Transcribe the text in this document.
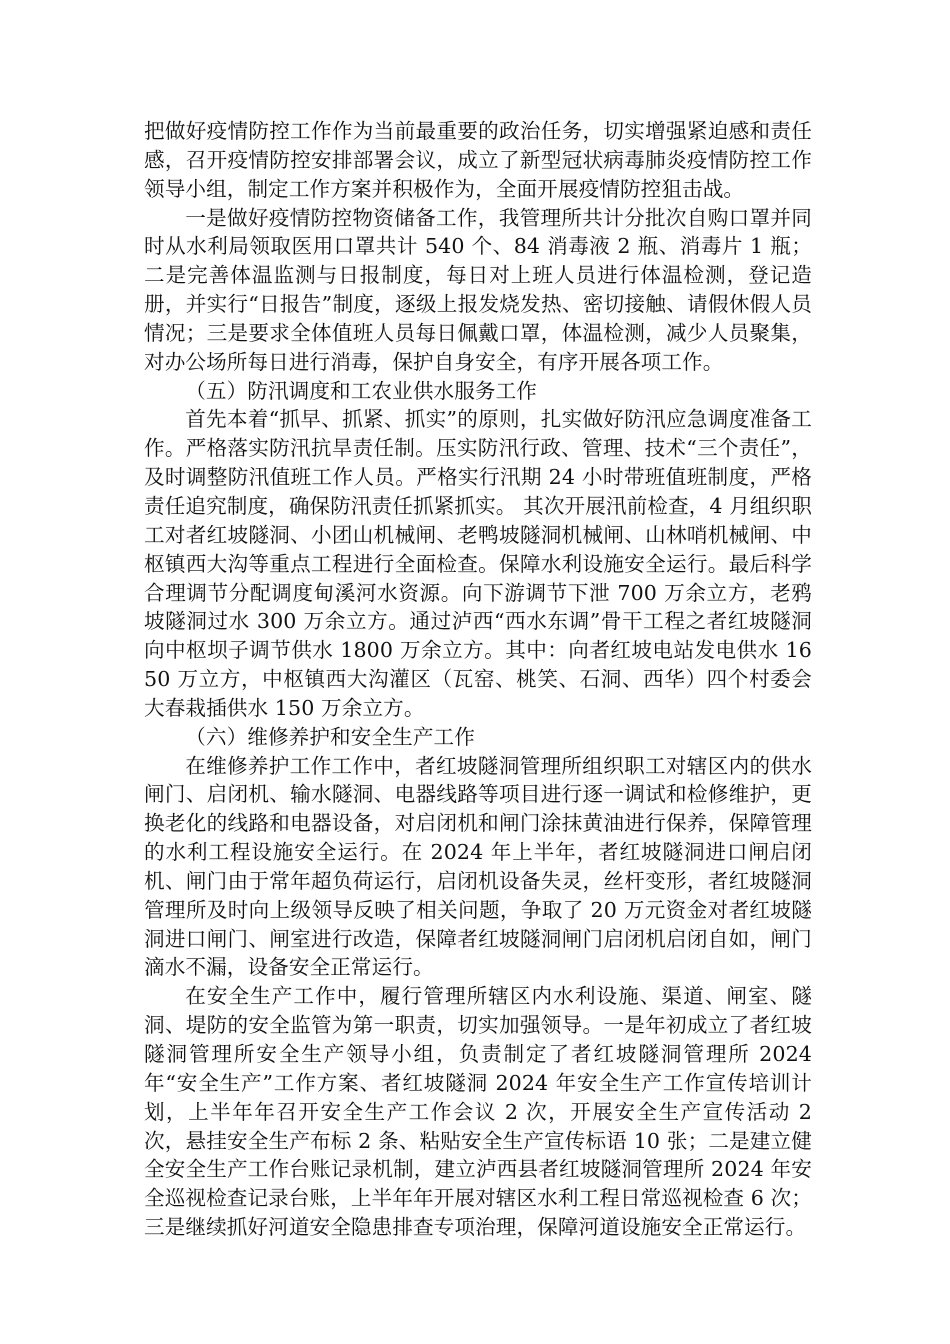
把做好疫情防控工作作为当前最重要的政治任务，切实增强紧迫感和责任感，召开疫情防控安排部署会议，成立了新型冠状病毒肺炎疫情防控工作领导小组，制定工作方案并积极作为，全面开展疫情防控狙击战。

一是做好疫情防控物资储备工作，我管理所共计分批次自购口罩并同时从水利局领取医用口罩共计 540 个、84 消毒液 2 瓶、消毒片 1 瓶；二是完善体温监测与日报制度，每日对上班人员进行体温检测，登记造册，并实行“日报告”制度，逐级上报发烧发热、密切接触、请假休假人员情况；三是要求全体值班人员每日佩戴口罩，体温检测，减少人员聚集，对办公场所每日进行消毒，保护自身安全，有序开展各项工作。

（五）防汛调度和工农业供水服务工作

首先本着“抓早、抓紧、抓实”的原则，扎实做好防汛应急调度准备工作。严格落实防汛抗旱责任制。压实防汛行政、管理、技术“三个责任”，及时调整防汛值班工作人员。严格实行汛期 24 小时带班值班制度，严格责任追究制度，确保防汛责任抓紧抓实。 其次开展汛前检查，4 月组织职工对者红坡隧洞、小团山机械闸、老鸭坡隧洞机械闸、山林哨机械闸、中枢镇西大沟等重点工程进行全面检查。保障水利设施安全运行。最后科学合理调节分配调度甸溪河水资源。向下游调节下泄 700 万余立方，老鸦坡隧洞过水 300 万余立方。通过泸西“西水东调”骨干工程之者红坡隧洞向中枢坝子调节供水 1800 万余立方。其中：向者红坡电站发电供水 1650 万立方，中枢镇西大沟灌区（瓦窑、桃笑、石洞、西华）四个村委会大春栽插供水 150 万余立方。

（六）维修养护和安全生产工作

在维修养护工作工作中，者红坡隧洞管理所组织职工对辖区内的供水闸门、启闭机、输水隧洞、电器线路等项目进行逐一调试和检修维护，更换老化的线路和电器设备，对启闭机和闸门涂抹黄油进行保养，保障管理的水利工程设施安全运行。在 2024 年上半年，者红坡隧洞进口闸启闭机、闸门由于常年超负荷运行，启闭机设备失灵，丝杆变形，者红坡隧洞管理所及时向上级领导反映了相关问题，争取了 20 万元资金对者红坡隧洞进口闸门、闸室进行改造，保障者红坡隧洞闸门启闭机启闭自如，闸门滴水不漏，设备安全正常运行。

在安全生产工作中，履行管理所辖区内水利设施、渠道、闸室、隧洞、堤防的安全监管为第一职责，切实加强领导。一是年初成立了者红坡隧洞管理所安全生产领导小组，负责制定了者红坡隧洞管理所 2024 年“安全生产”工作方案、者红坡隧洞 2024 年安全生产工作宣传培训计划，上半年年召开安全生产工作会议 2 次，开展安全生产宣传活动 2 次，悬挂安全生产布标 2 条、粘贴安全生产宣传标语 10 张；二是建立健全安全生产工作台账记录机制，建立泸西县者红坡隧洞管理所 2024 年安全巡视检查记录台账，上半年年开展对辖区水利工程日常巡视检查 6 次；三是继续抓好河道安全隐患排查专项治理，保障河道设施安全正常运行。
